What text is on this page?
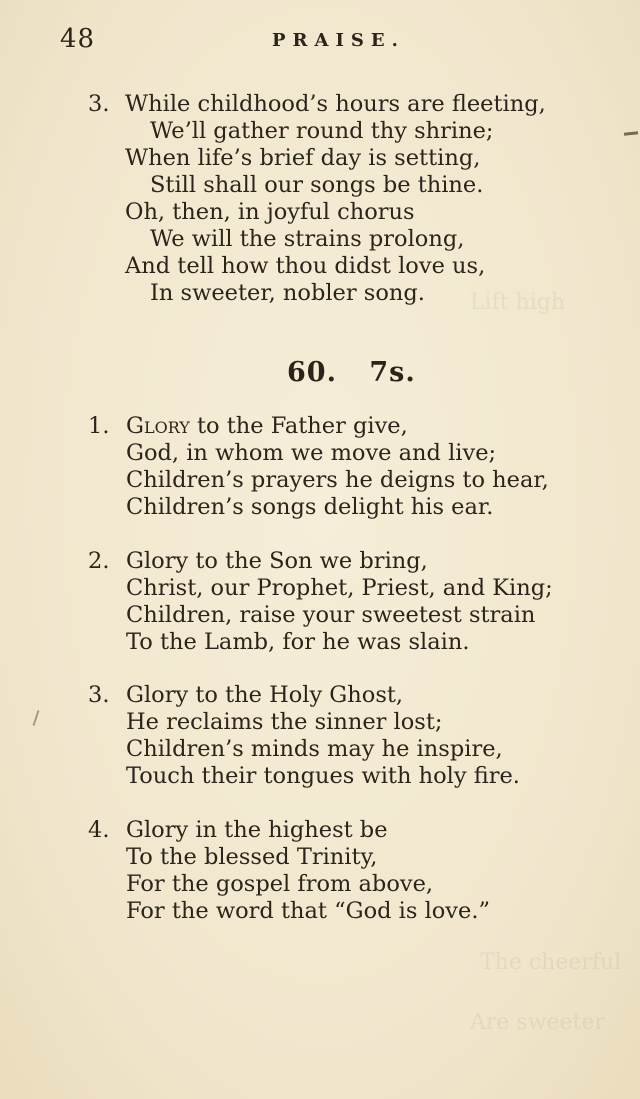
Lift high
The cheerful
Are sweeter
48	PRAISE.
3. While childhood’s hours are fleeting,
We’ll gather round thy shrine;
When life’s brief day is setting,
Still shall our songs be thine.
Oh, then, in joyful chorus
We will the strains prolong,
And tell how thou didst love us,
In sweeter, nobler song.
60. 7s.
1. Glory to the Father give,
God, in whom we move and live;
Children’s prayers he deigns to hear,
Children’s songs delight his ear.
2. Glory to the Son we bring,
Christ, our Prophet, Priest, and King;
Children, raise your sweetest strain
To the Lamb, for he was slain.
3. Glory to the Holy Ghost,
He reclaims the sinner lost;
Children’s minds may he inspire,
Touch their tongues with holy fire.
4. Glory in the highest be
To the blessed Trinity,
For the gospel from above,
For the word that “God is love.”
